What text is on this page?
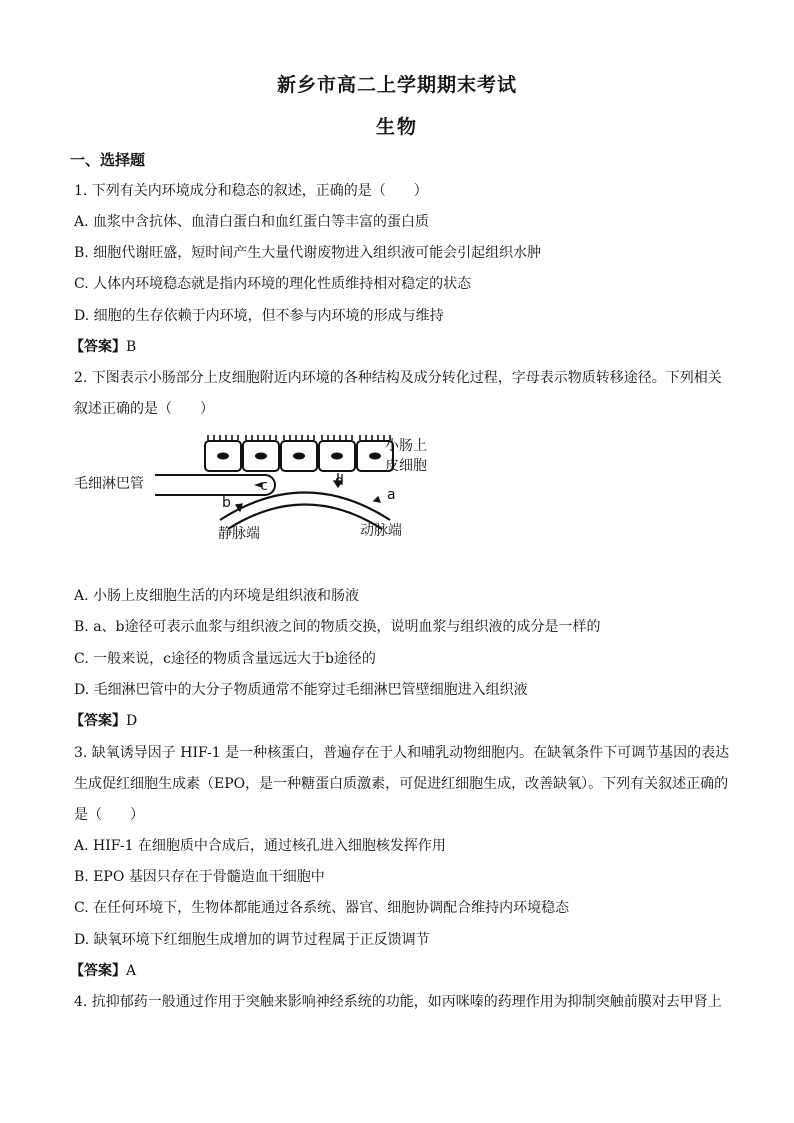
新乡市高二上学期期末考试
生物
一、选择题
1. 下列有关内环境成分和稳态的叙述，正确的是（　　）
A. 血浆中含抗体、血清白蛋白和血红蛋白等丰富的蛋白质
B. 细胞代谢旺盛，短时间产生大量代谢废物进入组织液可能会引起组织水肿
C. 人体内环境稳态就是指内环境的理化性质维持相对稳定的状态
D. 细胞的生存依赖于内环境，但不参与内环境的形成与维持
【答案】B
2. 下图表示小肠部分上皮细胞附近内环境的各种结构及成分转化过程，字母表示物质转移途径。下列相关
叙述正确的是（　　）
小肠上
皮细胞
毛细淋巴管	c	d
b	a
静脉端	动脉端
A. 小肠上皮细胞生活的内环境是组织液和肠液
B. a、b途径可表示血浆与组织液之间的物质交换，说明血浆与组织液的成分是一样的
C. 一般来说，c途径的物质含量远远大于b途径的
D. 毛细淋巴管中的大分子物质通常不能穿过毛细淋巴管壁细胞进入组织液
【答案】D
3. 缺氧诱导因子 HIF-1 是一种核蛋白，普遍存在于人和哺乳动物细胞内。在缺氧条件下可调节基因的表达
生成促红细胞生成素（EPO，是一种糖蛋白质激素，可促进红细胞生成，改善缺氧）。下列有关叙述正确的
是（　　）
A. HIF-1 在细胞质中合成后，通过核孔进入细胞核发挥作用
B. EPO 基因只存在于骨髓造血干细胞中
C. 在任何环境下，生物体都能通过各系统、器官、细胞协调配合维持内环境稳态
D. 缺氧环境下红细胞生成增加的调节过程属于正反馈调节
【答案】A
4. 抗抑郁药一般通过作用于突触来影响神经系统的功能，如丙咪嗪的药理作用为抑制突触前膜对去甲肾上
